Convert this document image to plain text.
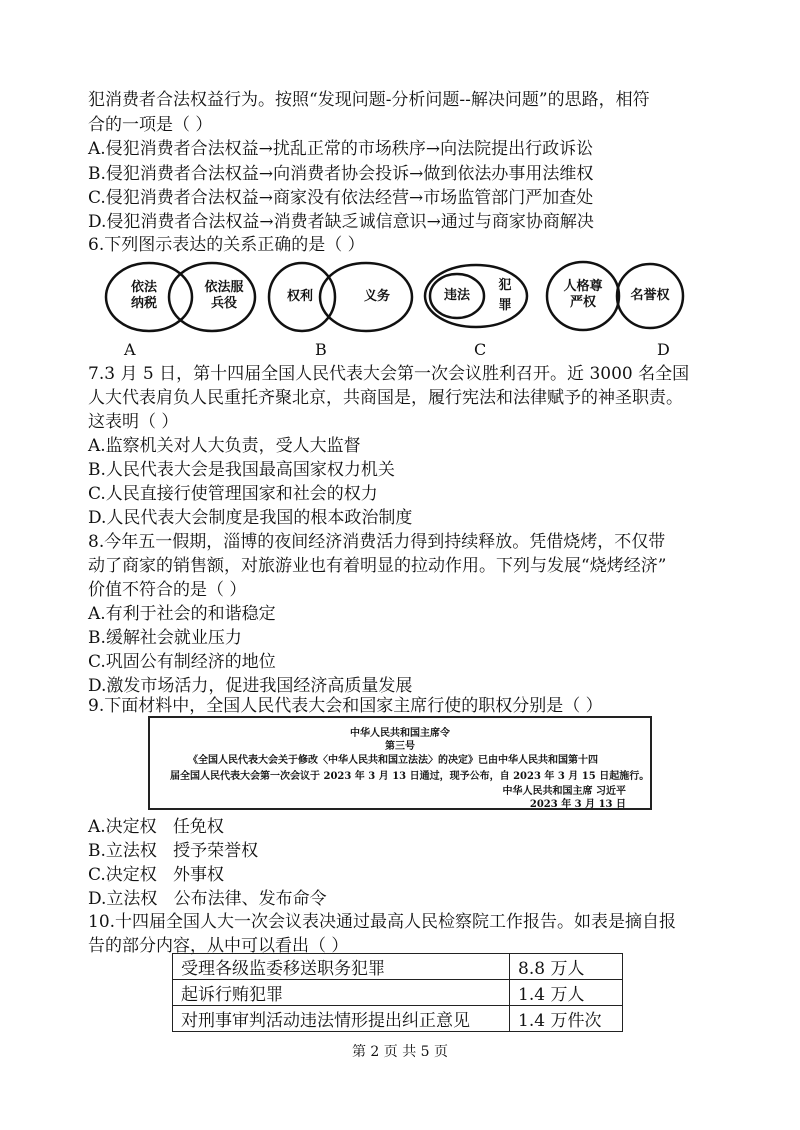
犯消费者合法权益行为。按照“发现问题-分析问题--解决问题”的思路，相符
合的一项是（ ）
A.侵犯消费者合法权益→扰乱正常的市场秩序→向法院提出行政诉讼
B.侵犯消费者合法权益→向消费者协会投诉→做到依法办事用法维权
C.侵犯消费者合法权益→商家没有依法经营→市场监管部门严加查处
D.侵犯消费者合法权益→消费者缺乏诚信意识→通过与商家协商解决
6.下列图示表达的关系正确的是（ ）
依法
纳税
依法服
兵役	权利	义务	违法
犯
罪
人格尊
严权	名誉权
A	B	C	D
7.3 月 5 日，第十四届全国人民代表大会第一次会议胜利召开。近 3000 名全国
人大代表肩负人民重托齐聚北京，共商国是，履行宪法和法律赋予的神圣职责。
这表明（ ）
A.监察机关对人大负责，受人大监督
B.人民代表大会是我国最高国家权力机关
C.人民直接行使管理国家和社会的权力
D.人民代表大会制度是我国的根本政治制度
8.今年五一假期，淄博的夜间经济消费活力得到持续释放。凭借烧烤，不仅带
动了商家的销售额，对旅游业也有着明显的拉动作用。下列与发展“烧烤经济”
价值不符合的是（ ）
A.有利于社会的和谐稳定
B.缓解社会就业压力
C.巩固公有制经济的地位
D.激发市场活力，促进我国经济高质量发展
9.下面材料中，全国人民代表大会和国家主席行使的职权分别是（ ）
中华人民共和国主席令
第三号
《全国人民代表大会关于修改〈中华人民共和国立法法〉的决定》已由中华人民共和国第十四
届全国人民代表大会第一次会议于 2023 年 3 月 13 日通过，现予公布，自 2023 年 3 月 15 日起施行。
中华人民共和国主席 习近平
2023 年 3 月 13 日
A.决定权   任免权
B.立法权   授予荣誉权
C.决定权   外事权
D.立法权   公布法律、发布命令
10.十四届全国人大一次会议表决通过最高人民检察院工作报告。如表是摘自报
告的部分内容，从中可以看出（ ）
受理各级监委移送职务犯罪	8.8 万人
起诉行贿犯罪	1.4 万人
对刑事审判活动违法情形提出纠正意见	1.4 万件次
第 2 页 共 5 页
